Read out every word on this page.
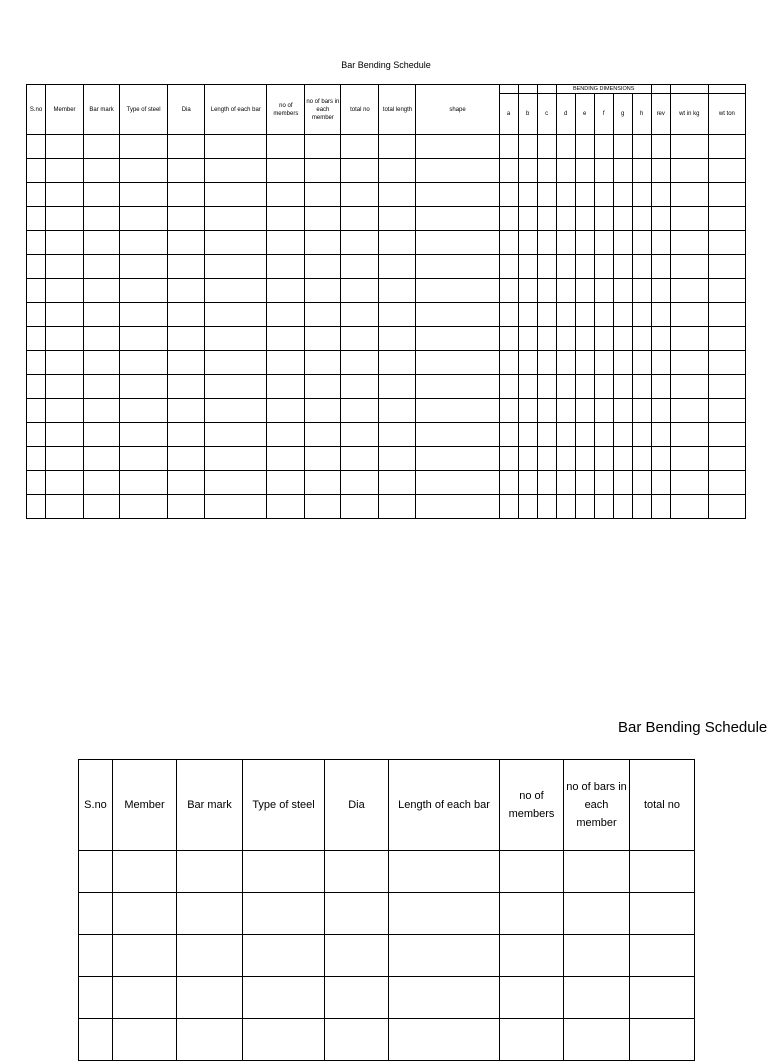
Bar Bending Schedule
S.no	Member	Bar mark	Type of steel	Dia	Length of each bar	no of members	no of bars in each member	total no	total length	shape				BENDING DIMENSIONS							
											a	b	c	d	e	f	g	h	rev	wt in kg	wt ton

Bar Bending Schedule
S.no	Member	Bar mark	Type of steel	Dia	Length of each bar	no of members	no of bars in each member	total no
